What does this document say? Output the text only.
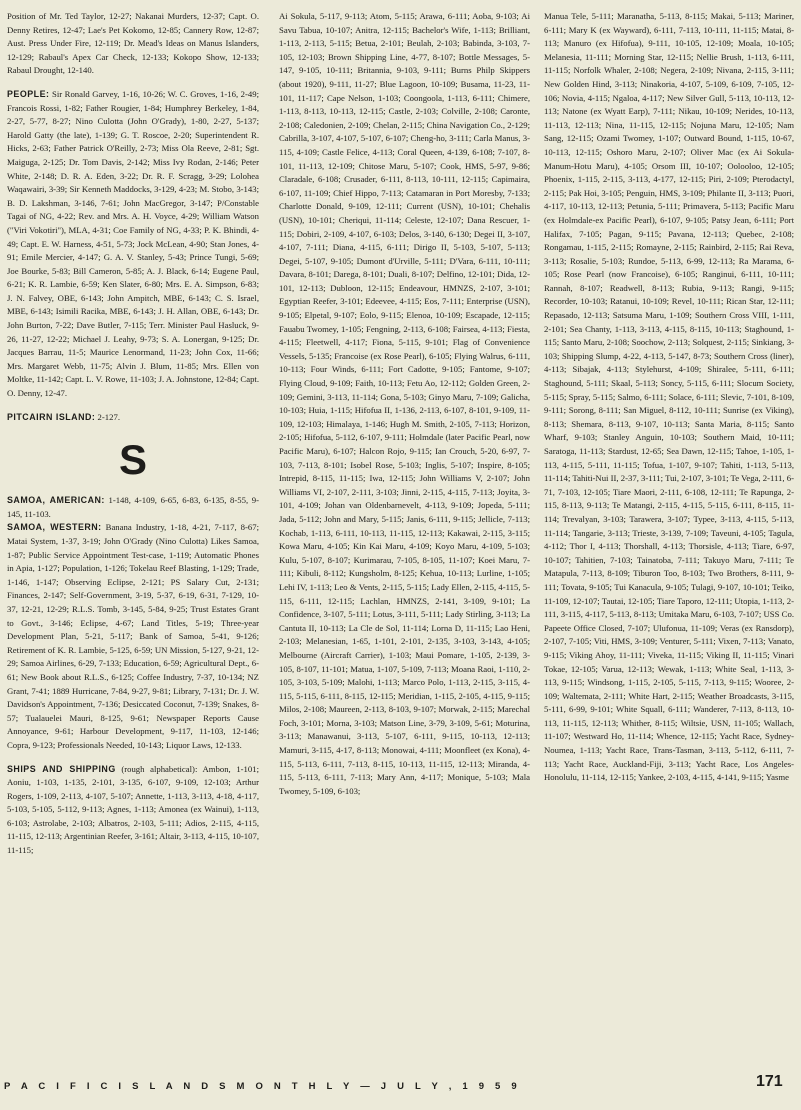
Position of Mr. Ted Taylor, 12-27; Nakanai Murders, 12-37; Capt. O. Denny Retires, 12-47; Lae's Pet Kokomo, 12-85; Cannery Row, 12-87; Aust. Press Under Fire, 12-119; Dr. Mead's Ideas on Manus Islanders, 12-129; Rabaul's Apex Car Check, 12-133; Kokopo Show, 12-133; Rabaul Drought, 12-140.

PEOPLE: Sir Ronald Garvey, 1-16, 10-26; W. C. Groves, 1-16, 2-49; Francois Rossi, 1-82; Father Rougier, 1-84; Humphrey Berkeley, 1-84, 2-27, 5-77, 8-27; Nino Culotta (John O'Grady), 1-80, 2-27, 5-137; Harold Gatty (the late), 1-139; G. T. Roscoe, 2-20; Superintendent R. Hicks, 2-63; Father Patrick O'Reilly, 2-73; Miss Ola Reeve, 2-81; Sgt. Maiguga, 2-125; Dr. Tom Davis, 2-142; Miss Ivy Rodan, 2-146; Peter White, 2-148; D. R. A. Eden, 3-22; Dr. R. F. Scragg, 3-29; Lolohea Waqawairi, 3-39; Sir Kenneth Maddocks, 3-129, 4-23; M. Stobo, 3-143; B. D. Lakshman, 3-146, 7-61; John MacGregor, 3-147; P/Constable Tagai of NG, 4-22; Rev. and Mrs. A. H. Voyce, 4-29; William Watson ("Viri Vokotiri"), MLA, 4-31; Coe Family of NG, 4-33; P. K. Bhindi, 4-49; Capt. E. W. Harness, 4-51, 5-73; Jock McLean, 4-90; Stan Jones, 4-91; Emile Mercier, 4-147; G. A. V. Stanley, 5-43; Prince Tungi, 5-69; Joe Bourke, 5-83; Bill Cameron, 5-85; A. J. Black, 6-14; Eugene Paul, 6-21; K. R. Lambie, 6-59; Ken Slater, 6-80; Mrs. E. A. Simpson, 6-83; J. N. Falvey, OBE, 6-143; John Ampitch, MBE, 6-143; C. S. Israel, MBE, 6-143; Isimili Racika, MBE, 6-143; J. H. Allan, OBE, 6-143; Dr. John Burton, 7-22; Dave Butler, 7-115; Terr. Minister Paul Hasluck, 9-26, 11-27, 12-22; Michael J. Leahy, 9-73; S. A. Lonergan, 9-125; Dr. Jacques Barrau, 11-5; Maurice Lenormand, 11-23; John Cox, 11-66; Mrs. Margaret Webb, 11-75; Alvin J. Blum, 11-85; Mrs. Ellen von Moltke, 11-142; Capt. L. V. Rowe, 11-103; J. A. Johnstone, 12-84; Capt. O. Denny, 12-47.

PITCAIRN ISLAND: 2-127.

S

SAMOA, AMERICAN: 1-148, 4-109, 6-65, 6-83, 6-135, 8-55, 9-145, 11-103.

SAMOA, WESTERN: Banana Industry, 1-18, 4-21, 7-117, 8-67; Matai System, 1-37, 3-19; John O'Grady (Nino Culotta) Likes Samoa, 1-87; Public Service Appointment Test-case, 1-119; Automatic Phones in Apia, 1-127; Population, 1-126; Tokelau Reef Blasting, 1-129; Trade, 1-146, 1-147; Observing Eclipse, 2-121; PS Salary Cut, 2-131; Finances, 2-147; Self-Government, 3-19, 5-37, 6-19, 6-31, 7-129, 10-37, 12-21, 12-29; R.L.S. Tomb, 3-145, 5-84, 9-25; Trust Estates Grant to Govt., 3-146; Eclipse, 4-67; Land Titles, 5-19; Three-year Development Plan, 5-21, 5-117; Bank of Samoa, 5-41, 9-126; Retirement of K. R. Lambie, 5-125, 6-59; UN Mission, 5-127, 9-21, 12-29; Samoa Airlines, 6-29, 7-133; Education, 6-59; Agricultural Dept., 6-61; New Book about R.L.S., 6-125; Coffee Industry, 7-37, 10-134; NZ Grant, 7-41; 1889 Hurricane, 7-84, 9-27, 9-81; Library, 7-131; Dr. J. W. Davidson's Appointment, 7-136; Desiccated Coconut, 7-139; Snakes, 8-57; Tualauelei Mauri, 8-125, 9-61; Newspaper Reports Cause Annoyance, 9-61; Harbour Development, 9-117, 11-103, 12-146; Copra, 9-123; Professionals Needed, 10-143; Liquor Laws, 12-133.

SHIPS AND SHIPPING (rough alphabetical): Ambon, 1-101; Aoniu, 1-103, 1-135, 2-101, 3-135, 6-107, 9-109, 12-103; Arthur Rogers, 1-109, 2-113, 4-107, 5-107; Annette, 1-113, 3-113, 4-18, 4-117, 5-103, 5-105, 5-112, 9-113; Agnes, 1-113; Amonea (ex Wainui), 1-113, 6-103; Astrolabe, 2-103; Albatros, 2-103, 5-111; Adios, 2-115, 4-115, 11-115, 12-113; Argentinian Reefer, 3-161; Altair, 3-113, 4-115, 10-107, 11-115;

Ai Sokula, 5-117, 9-113; Atom, 5-115; Arawa, 6-111; Aoba, 9-103; Ai Savu Tabua, 10-107; Anitra, 12-115; Bachelor's Wife, 1-113; Brilliant, 1-113, 2-113, 5-115; Betua, 2-101; Beulah, 2-103; Babinda, 3-103, 7-105, 12-103; Brown Shipping Line, 4-77, 8-107; Bottle Messages, 5-147, 9-105, 10-111; Britannia, 9-103, 9-111; Burns Philp Skippers (about 1920), 9-111, 11-27; Blue Lagoon, 10-109; Busama, 11-23, 11-101, 11-117; Cape Nelson, 1-103; Coongoola, 1-113, 6-111; Chimere, 1-113, 8-113, 10-113, 12-115; Castle, 2-103; Colville, 2-108; Caronte, 2-108; Caledonien, 2-109; Chelan, 2-115; China Navigation Co., 2-129; Cabrilla, 3-107, 4-107, 5-107, 6-107; Cheng-ho, 3-111; Carla Manus, 3-115, 4-109; Castle Felice, 4-113; Coral Queen, 4-139, 6-108; 7-107, 8-101, 11-113, 12-109; Chitose Maru, 5-107; Cook, HMS, 5-97, 9-86; Claradale, 6-108; Crusader, 6-111, 8-113, 10-111, 12-115; Capimaira, 6-107, 11-109; Chief Hippo, 7-113; Catamaran in Port Moresby, 7-133; Charlotte Donald, 9-109, 12-111; Current (USN), 10-101; Chehalis (USN), 10-101; Cheriqui, 11-114; Celeste, 12-107; Dana Rescuer, 1-115; Dobiri, 2-109, 4-107, 6-103; Delos, 3-140, 6-130; Degei II, 3-107, 4-107, 7-111; Diana, 4-115, 6-111; Dirigo II, 5-103, 5-107, 5-113; Degei, 5-107, 9-105; Dumont d'Urville, 5-111; D'Vara, 6-111, 10-111; Davara, 8-101; Darega, 8-101; Duali, 8-107; Delfino, 12-101; Dida, 12-101, 12-113; Dubloon, 12-115; Endeavour, HMNZS, 2-107, 3-101; Egyptian Reefer, 3-101; Edeevee, 4-115; Eos, 7-111; Enterprise (USN), 9-105; Elpetal, 9-107; Eolo, 9-115; Elenoa, 10-109; Escapade, 12-115; Fauabu Twomey, 1-105; Fengning, 2-113, 6-108; Fairsea, 4-113; Fiesta, 4-115; Fleetwell, 4-117; Fiona, 5-115, 9-101; Flag of Convenience Vessels, 5-135; Francoise (ex Rose Pearl), 6-105; Flying Walrus, 6-111, 10-113; Four Winds, 6-111; Fort Cadotte, 9-105; Fantome, 9-107; Flying Cloud, 9-109; Faith, 10-113; Fetu Ao, 12-112; Golden Green, 2-109; Gemini, 3-113, 11-114; Gona, 5-103; Ginyo Maru, 7-109; Galicha, 10-103; Huia, 1-115; Hifofua II, 1-136, 2-113, 6-107, 8-101, 9-109, 11-109, 12-103; Himalaya, 1-146; Hugh M. Smith, 2-105, 7-113; Horizon, 2-105; Hifofua, 5-112, 6-107, 9-111; Holmdale (later Pacific Pearl, now Pacific Maru), 6-107; Halcon Rojo, 9-115; Ian Crouch, 5-20, 6-97, 7-103, 7-113, 8-101; Isobel Rose, 5-103; Inglis, 5-107; Inspire, 8-105; Intrepid, 8-115, 11-115; Iwa, 12-115; John Williams V, 2-107; John Williams VI, 2-107, 2-111, 3-103; Jinni, 2-115, 4-115, 7-113; Joyita, 3-101, 4-109; Johan van Oldenbarnevelt, 4-113, 9-109; Jopeda, 5-111; Jada, 5-112; John and Mary, 5-115; Janis, 6-111, 9-115; Jellicle, 7-113; Kochab, 1-113, 6-111, 10-113, 11-115, 12-113; Kakawai, 2-115, 3-115; Kowa Maru, 4-105; Kin Kai Maru, 4-109; Koyo Maru, 4-109, 5-103; Kulu, 5-107, 8-107; Kurimarau, 7-105, 8-105, 11-107; Koei Maru, 7-111; Kibuli, 8-112; Kungsholm, 8-125; Kehua, 10-113; Lurline, 1-105; Lehi IV, 1-113; Leo & Vents, 2-115, 5-115; Lady Ellen, 2-115, 4-115, 5-115, 6-111, 12-115; Lachlan, HMNZS, 2-141, 3-109, 9-101; La Confidence, 3-107, 5-111; Lotus, 3-111, 5-111; Lady Stirling, 3-113; La Cantuta II, 10-113; La Cle de Sol, 11-114; Lorna D, 11-115; Lao Heni, 2-103; Melanesian, 1-65, 1-101, 2-101, 2-135, 3-103, 3-143, 4-105; Melbourne (Aircraft Carrier), 1-103; Maui Pomare, 1-105, 2-139, 3-105, 8-107, 11-101; Matua, 1-107, 5-109, 7-113; Moana Raoi, 1-110, 2-105, 3-103, 5-109; Malohi, 1-113; Marco Polo, 1-113, 2-115, 3-115, 4-115, 5-115, 6-111, 8-115, 12-115; Meridian, 1-115, 2-105, 4-115, 9-115; Milos, 2-108; Maureen, 2-113, 8-103, 9-107; Morwak, 2-115; Marechal Foch, 3-101; Morna, 3-103; Matson Line, 3-79, 3-109, 5-61; Moturina, 3-113; Manawanui, 3-113, 5-107, 6-111, 9-115, 10-113, 12-113; Mamuri, 3-115, 4-17, 8-113; Monowai, 4-111; Moonfleet (ex Kona), 4-115, 5-113, 6-111, 7-113, 8-115, 10-113, 11-115, 12-113; Miranda, 4-115, 5-113, 6-111, 7-113; Mary Ann, 4-117; Monique, 5-103; Mala Twomey, 5-109, 6-103;

Manua Tele, 5-111; Maranatha, 5-113, 8-115; Makai, 5-113; Mariner, 6-111; Mary K (ex Wayward), 6-111, 7-113, 10-111, 11-115; Matai, 8-113; Manuro (ex Hifofua), 9-111, 10-105, 12-109; Moala, 10-105; Melanesia, 11-111; Morning Star, 12-115; Nellie Brush, 1-113, 6-111, 11-115; Norfolk Whaler, 2-108; Negera, 2-109; Nivana, 2-115, 3-111; New Golden Hind, 3-113; Ninakoria, 4-107, 5-109, 6-109, 7-105, 12-106; Novia, 4-115; Ngaloa, 4-117; New Silver Gull, 5-113, 10-113, 12-113; Natone (ex Wyatt Earp), 7-111; Nikau, 10-109; Nerides, 10-113, 11-113, 12-113; Nina, 11-115, 12-115; Nojuna Maru, 12-105; Nam Sang, 12-115; Ozami Twomey, 1-107; Outward Bound, 1-115, 10-67, 10-113, 12-115; Oshoro Maru, 2-107; Oliver Mac (ex Ai Sokula-Manum-Hotu Maru), 4-105; Orsom III, 10-107; Oolooloo, 12-105; Phoenix, 1-115, 2-115, 3-113, 4-177, 12-115; Piri, 2-109; Pterodactyl, 2-115; Pak Hoi, 3-105; Penguin, HMS, 3-109; Philante II, 3-113; Puori, 4-117, 10-113, 12-113; Petunia, 5-111; Primavera, 5-113; Pacific Maru (ex Holmdale-ex Pacific Pearl), 6-107, 9-105; Patsy Jean, 6-111; Port Halifax, 7-105; Pagan, 9-115; Pavana, 12-113; Quebec, 2-108; Rongamau, 1-115, 2-115; Romayne, 2-115; Rainbird, 2-115; Rai Reva, 3-113; Rosalie, 5-103; Rundoe, 5-113, 6-99, 12-113; Ra Marama, 6-105; Rose Pearl (now Francoise), 6-105; Ranginui, 6-111, 10-111; Rannah, 8-107; Readwell, 8-113; Rubia, 9-113; Rangi, 9-115; Recorder, 10-103; Ratanui, 10-109; Revel, 10-111; Rican Star, 12-111; Repasado, 12-113; Satsuma Maru, 1-109; Southern Cross VIII, 1-111, 2-101; Sea Chanty, 1-113, 3-113, 4-115, 8-115, 10-113; Staghound, 1-115; Santo Maru, 2-108; Soochow, 2-113; Solquest, 2-115; Sinkiang, 3-103; Shipping Slump, 4-22, 4-113, 5-147, 8-73; Southern Cross (liner), 4-113; Sibajak, 4-113; Stylehurst, 4-109; Shiralee, 5-111, 6-111; Staghound, 5-111; Skaal, 5-113; Soncy, 5-115, 6-111; Slocum Society, 5-115; Spray, 5-115; Salmo, 6-111; Solace, 6-111; Slevic, 7-101, 8-109, 9-111; Sorong, 8-111; San Miguel, 8-112, 10-111; Sunrise (ex Viking), 8-113; Shemara, 8-113, 9-107, 10-113; Santa Maria, 8-115; Santo Wharf, 9-103; Stanley Anguin, 10-103; Southern Maid, 10-111; Saratoga, 11-113; Stardust, 12-65; Sea Dawn, 12-115; Tahoe, 1-105, 1-113, 4-115, 5-111, 11-115; Tofua, 1-107, 9-107; Tahiti, 1-113, 5-113, 11-114; Tahiti-Nui II, 2-37, 3-111; Tui, 2-107, 3-101; Te Vega, 2-111, 6-71, 7-103, 12-105; Tiare Maori, 2-111, 6-108, 12-111; Te Rapunga, 2-115, 8-113, 9-113; Te Matangi, 2-115, 4-115, 5-115, 6-111, 8-115, 11-114; Trevalyan, 3-103; Tarawera, 3-107; Typee, 3-113, 4-115, 5-113, 11-114; Tangarie, 3-113; Trieste, 3-139, 7-109; Taveuni, 4-105; Tagula, 4-112; Thor I, 4-113; Thorshall, 4-113; Thorsisle, 4-113; Tiare, 6-97, 10-107; Tahitien, 7-103; Tainatoba, 7-111; Takuyo Maru, 7-111; Te Matapula, 7-113, 8-109; Tiburon Too, 8-103; Two Brothers, 8-111, 9-111; Tovata, 9-105; Tui Kanacula, 9-105; Tulagi, 9-107, 10-101; Teiko, 11-109, 12-107; Tautai, 12-105; Tiare Taporo, 12-111; Utopia, 1-113, 2-111, 3-115, 4-117, 5-113, 8-113; Umitaka Maru, 6-103, 7-107; USS Co. Papeete Office Closed, 7-107; Ulufonua, 11-109; Veras (ex Ransdorp), 2-107, 7-105; Viti, HMS, 3-109; Venturer, 5-111; Vixen, 7-113; Vanato, 9-115; Viking Ahoy, 11-111; Viveka, 11-115; Viking II, 11-115; Vinari Tokae, 12-105; Varua, 12-113; Wewak, 1-113; White Seal, 1-113, 3-113, 9-115; Windsong, 1-115, 2-105, 5-115, 7-113, 9-115; Wooree, 2-109; Waltemata, 2-111; White Hart, 2-115; Weather Broadcasts, 3-115, 5-111, 6-99, 9-101; White Squall, 6-111; Wanderer, 7-113, 8-113, 10-113, 11-115, 12-113; Whither, 8-115; Wiltsie, USN, 11-105; Wallach, 11-107; Westward Ho, 11-114; Whence, 12-115; Yacht Race, Sydney-Noumea, 1-113; Yacht Race, Trans-Tasman, 3-113, 5-112, 6-111, 7-113; Yacht Race, Auckland-Fiji, 3-113; Yacht Race, Los Angeles-Honolulu, 11-114, 12-115; Yankee, 2-103, 4-115, 4-141, 9-115; Yasme

P A C I F I C I S L A N D S M O N T H L Y — J U L Y , 1 9 5 9	171
